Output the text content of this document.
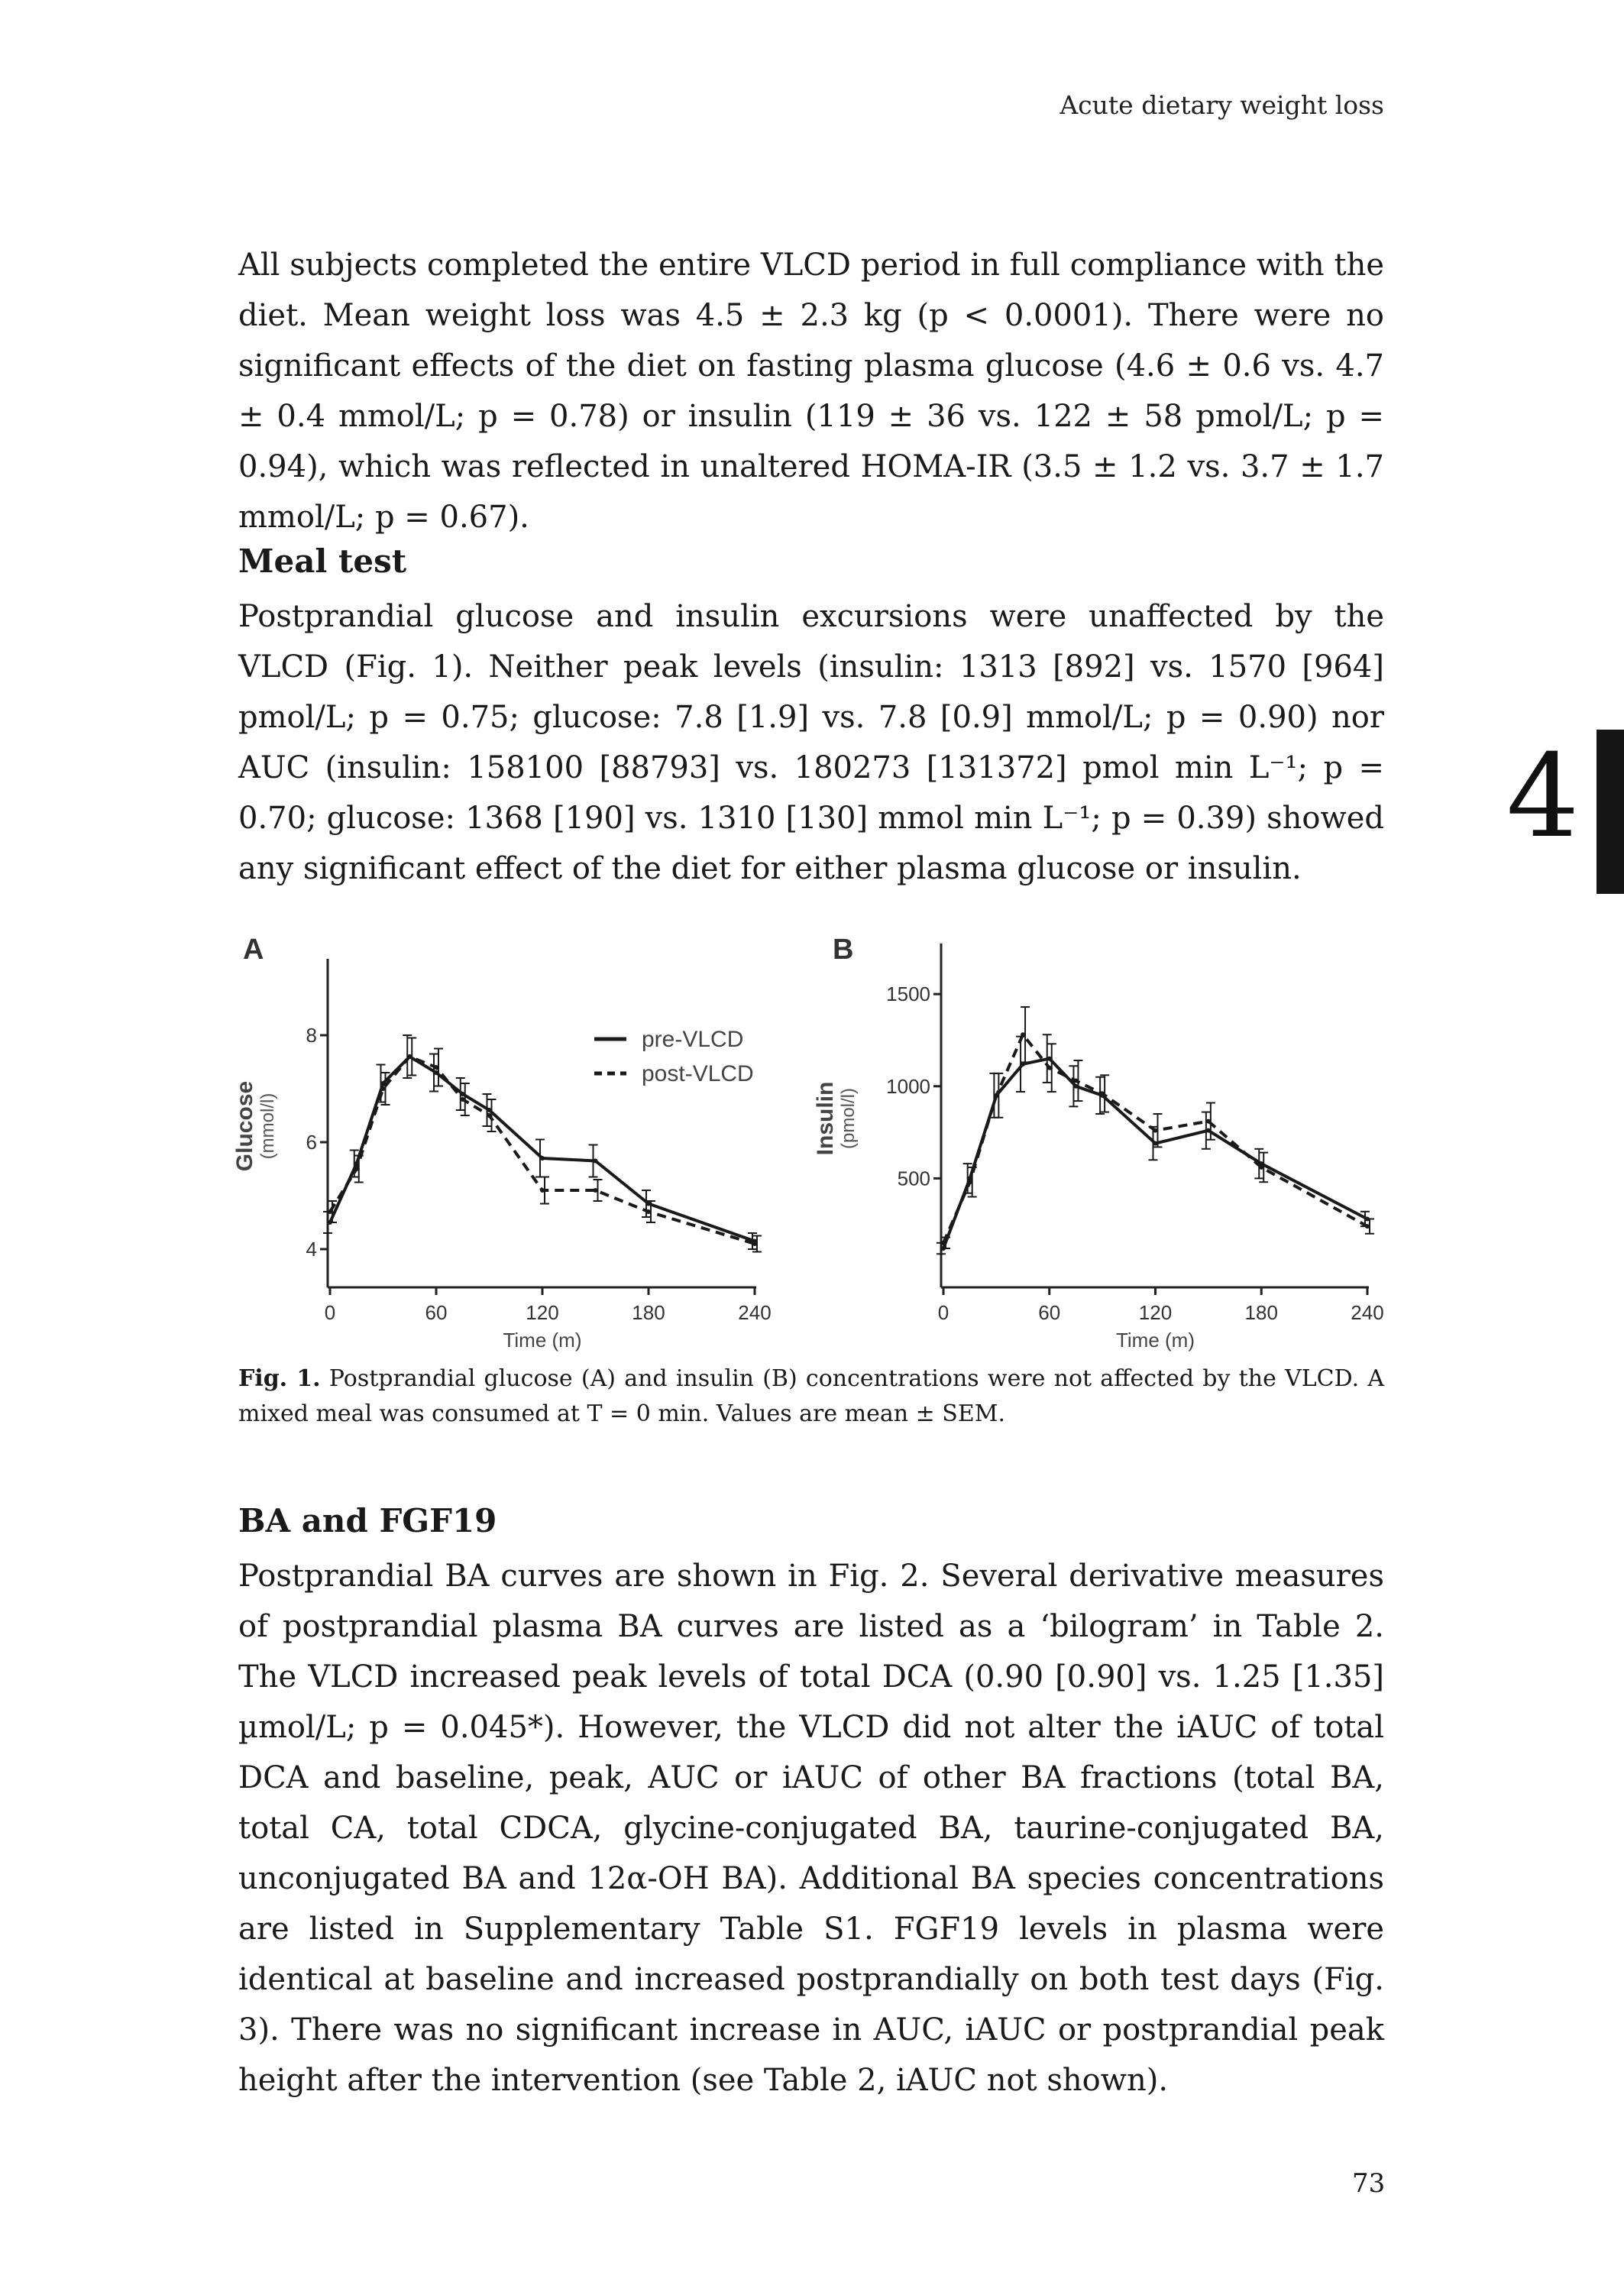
Acute dietary weight loss

All subjects completed the entire VLCD period in full compliance with the diet. Mean weight loss was 4.5 ± 2.3 kg (p < 0.0001). There were no significant effects of the diet on fasting plasma glucose (4.6 ± 0.6 vs. 4.7 ± 0.4 mmol/L; p = 0.78) or insulin (119 ± 36 vs. 122 ± 58 pmol/L; p = 0.94), which was reflected in unaltered HOMA-IR (3.5 ± 1.2 vs. 3.7 ± 1.7 mmol/L; p = 0.67).

Meal test

Postprandial glucose and insulin excursions were unaffected by the VLCD (Fig. 1). Neither peak levels (insulin: 1313 [892] vs. 1570 [964] pmol/L; p = 0.75; glucose: 7.8 [1.9] vs. 7.8 [0.9] mmol/L; p = 0.90) nor AUC (insulin: 158100 [88793] vs. 180273 [131372] pmol min L⁻¹; p = 0.70; glucose: 1368 [190] vs. 1310 [130] mmol min L⁻¹; p = 0.39) showed any significant effect of the diet for either plasma glucose or insulin.

4
A
Glucose (mmol/l)
4
6
8
0	60	120	180	240
Time (m)
pre-VLCD
post-VLCD
B
Insulin (pmol/l)
500
1000
1500
0	60	120	180	240
Time (m)

Fig. 1. Postprandial glucose (A) and insulin (B) concentrations were not affected by the VLCD. A mixed meal was consumed at T = 0 min. Values are mean ± SEM.

BA and FGF19

Postprandial BA curves are shown in Fig. 2. Several derivative measures of postprandial plasma BA curves are listed as a ‘bilogram’ in Table 2. The VLCD increased peak levels of total DCA (0.90 [0.90] vs. 1.25 [1.35] µmol/L; p = 0.045*). However, the VLCD did not alter the iAUC of total DCA and baseline, peak, AUC or iAUC of other BA fractions (total BA, total CA, total CDCA, glycine-conjugated BA, taurine-conjugated BA, unconjugated BA and 12α-OH BA). Additional BA species concentrations are listed in Supplementary Table S1. FGF19 levels in plasma were identical at baseline and increased postprandially on both test days (Fig. 3). There was no significant increase in AUC, iAUC or postprandial peak height after the intervention (see Table 2, iAUC not shown).

73
